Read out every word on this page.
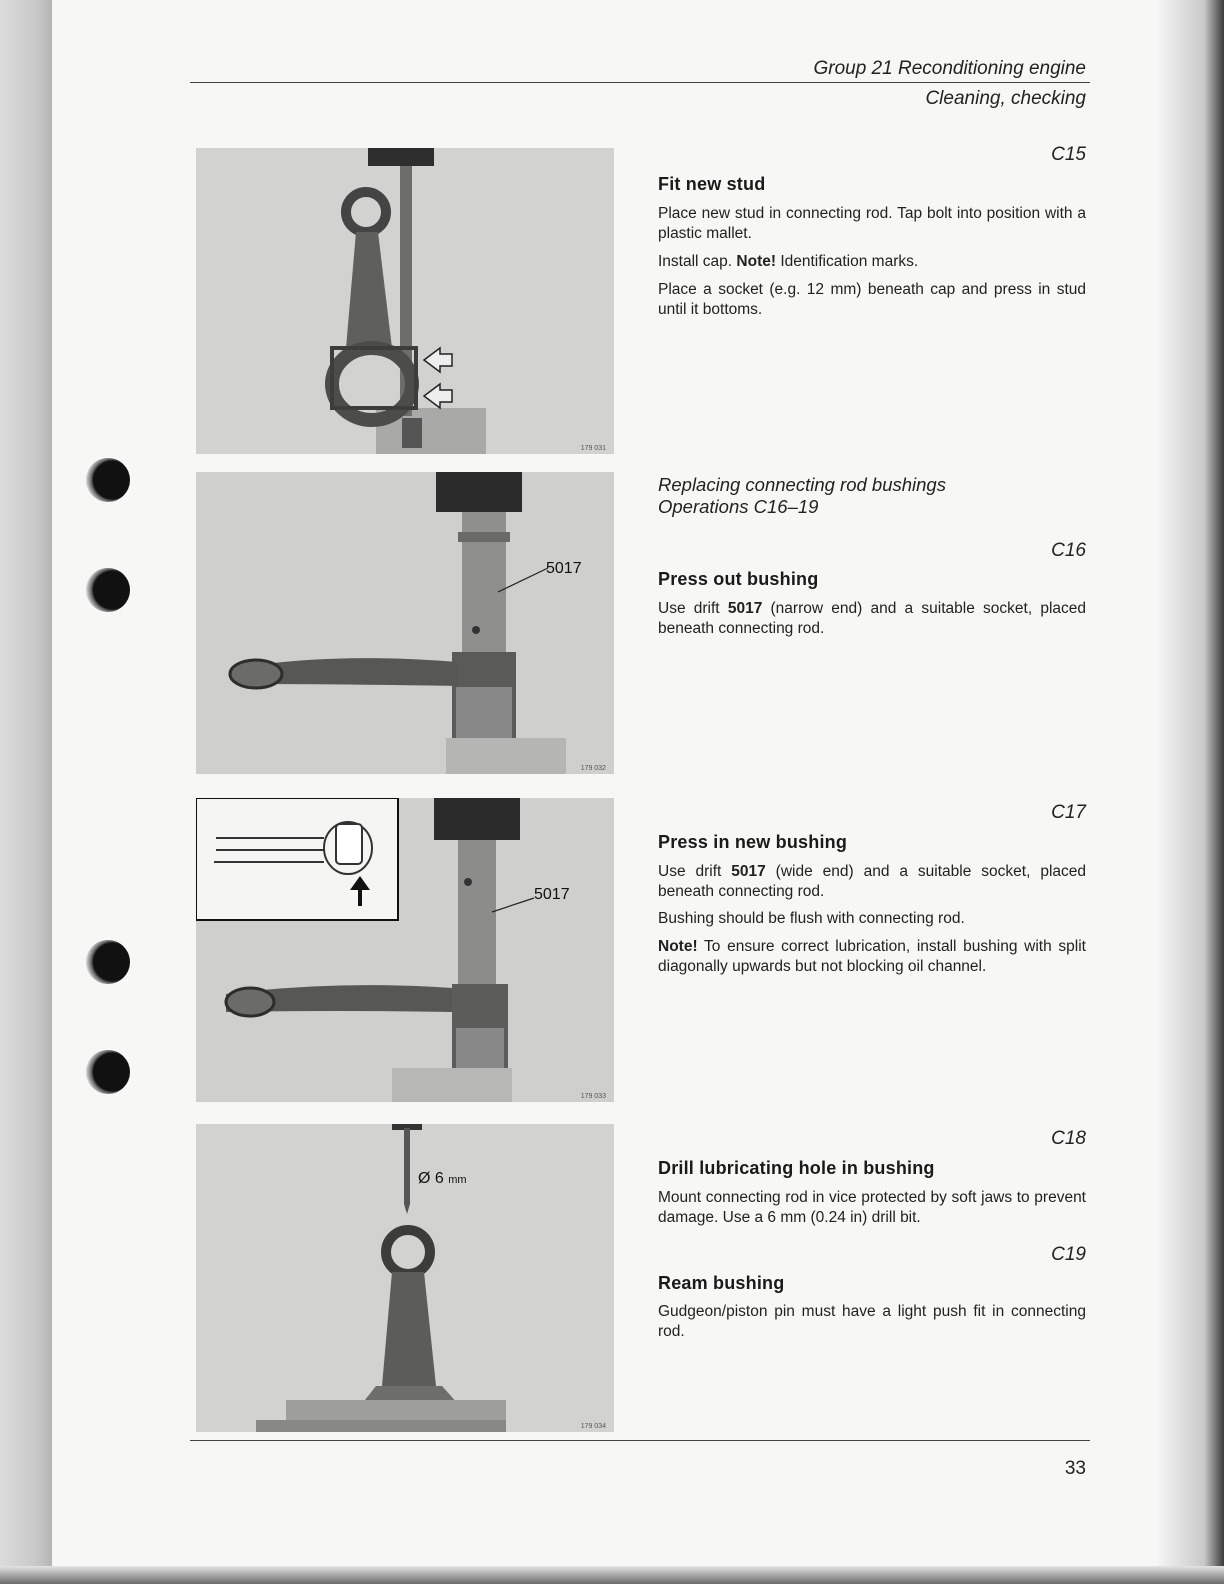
Group 21 Reconditioning engine
Cleaning, checking
179 031
5017
179 032
5017
179 033
Ø 6 mm
179 034
C15
Fit new stud

Place new stud in connecting rod. Tap bolt into position with a plastic mallet.

Install cap. Note! Identification marks.

Place a socket (e.g. 12 mm) beneath cap and press in stud until it bottoms.

Replacing connecting rod bushings
Operations C16–19
C16
Press out bushing

Use drift 5017 (narrow end) and a suitable socket, placed beneath connecting rod.

C17
Press in new bushing

Use drift 5017 (wide end) and a suitable socket, placed beneath connecting rod.

Bushing should be flush with connecting rod.

Note! To ensure correct lubrication, install bushing with split diagonally upwards but not blocking oil channel.

C18
Drill lubricating hole in bushing

Mount connecting rod in vice protected by soft jaws to prevent damage. Use a 6 mm (0.24 in) drill bit.

C19
Ream bushing

Gudgeon/piston pin must have a light push fit in connecting rod.

33
